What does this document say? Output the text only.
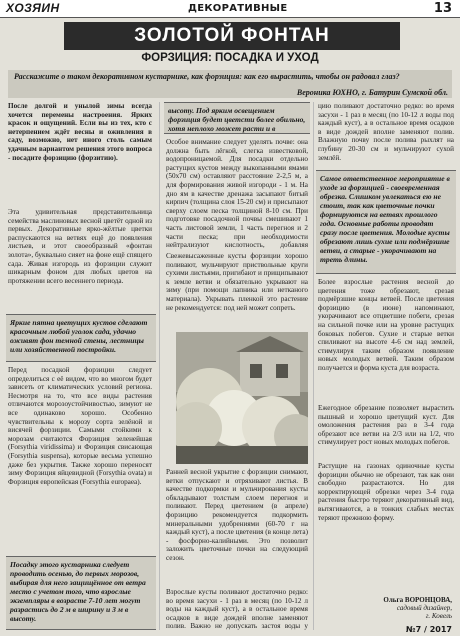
ХОЗЯИН	ДЕКОРАТИВНЫЕ	13
ЗОЛОТОЙ ФОНТАН
ФОРЗИЦИЯ: ПОСАДКА И УХОД
Расскажите о таком декоративном кустарнике, как форзиция: как его вырастить, чтобы он радовал глаз?
Вероника ЮХНО, г. Батурин Сумской обл.
После долгой и унылой зимы всегда хочется перемены настроения. Ярких красок и ощущений. Если вы из тех, кто с нетерпением ждёт весны и оживления в саду, возможно, нет иного столь самым удачным вариантом решения этого вопроса - посадите форзицию (форзитию).
Эта удивительная представительница семейства маслиновых весной цветёт одной из первых. Декоративные ярко-жёлтые цветки распускаются на ветвях ещё до появления листьев, и этот своеобразный «фонтан золота», буквально сияет на фоне ещё спящего сада. Живая изгородь из форзиции служит шикарным фоном для любых цветов на протяжении всего весеннего периода.
Яркие пятна цветущих кустов сделают красочным любой уголок сада, удачно оживят фон темной стены, лестницы или хозяйственной постройки.
Перед посадкой форзиции следует определиться с её видом, что во многом будет зависеть от климатических условий региона. Несмотря на то, что все виды растения отличаются морозоустойчивостью, зимуют не все одинаково хорошо. Особенно чувствительны к морозу сорта зелёной и висячей форзиции. Самыми стойкими к морозам считаются Форзиция зеленейшая (Forsythia viridissima) и Форзиция свисающая (Forsythia suspensa), которые весьма успешно даже без укрытия. Также хорошо переносят зиму Форзиция яйцевидной (Forsythia ovata) и Форзиция европейская (Forsythia europaea).
Посадку этого кустарника следует проводить осенью, до первых морозов, выбирая для него защищённое от ветра место с учетом того, что взрослые экземпляры в возрасте 7-10 лет могут разрастись до 2 м в ширину и 3 м в высоту.
высоту. Под ярким освещением форзиция будет цветсти более обильно, хотя неплохо может расти и в
Особое внимание следует уделять почве: она должна быть лёгкой, слегка известковой, водопроницаемой. Для посадки отдельно растущих кустов между выкопанными ямами (50х70 см) оставляют расстояние 2-2,5 м, а для формирования живой изгороди - 1 м. На дно ям в качестве дренажа засыпают битый кирпич (толщина слоя 15-20 см) и присыпают сверху слоем песка толщиной 8-10 см. При подготовке посадочной почвы смешивают 1 часть листовой земли, 1 часть перегноя и 2 части песка; при необходимости нейтрализуют кислотность, добавляя
Свежевысаженные кусты форзиции хорошо поливают, мульчируют приствольные круги сухими листьями, пригибают и прищипывают к земле ветви и обязательно укрывают на зиму (при помощи лапника или нетканого материала). Укрывать пленкой это растение не рекомендуется: под ней может сопреть.
Ранней весной укрытие с форзиции снимают, ветки отпускают и отряхивают листья. В качестве подкормки и мульчирования кусты обкладывают толстым слоем перегноя и поливают. Перед цветением (в апреле) форзицию рекомендуется подкормить минеральными удобрениями (60-70 г на каждый куст), а после цветения (в конце лета) - фосфорно-калийными. Это позволит заложить цветочные почки на следующий сезон.
Взрослые кусты поливают достаточно редко: во время засухи - 1 раз в месяц (по 10-12 л воды на каждый куст), а в остальное время осадков в виде дождей вполне заменяют полив. Важно не допускать застоя воды у
цию поливают достаточно редко: во время засухи - 1 раз в месяц (по 10-12 л воды под каждый куст), а в остальное время осадков в виде дождей вполне заменяют полив. Влажную почву после полива рыхлят на глубину 20-30 см и мульчируют сухой землёй.
Самое ответственное мероприятие в уходе за форзицией - своевременная обрезка. Слишком увлекаться ею не стоит, так как цветочные почки формируются на ветвях прошлого года. Основные работы проводят сразу после цветения. Молодые кусты обрезают лишь сухие или подмёрзшие ветви, а старые - укорачивают на треть длины.
Более взрослые растения весной до цветения тоже обрезают, срезая подмёрзшие концы ветвей. После цветения форзицию (в июне) напоминают, укорачивают все отцветшие побеги, срезая на сильной почке или на уровне растущих боковых побегов. Сухие и старые ветки спиливают на высоте 4-6 см над землей, стимулируя таким образом появление новых молодых ветвей. Таким образом получается и форма куста для возраста.
Ежегодное обрезание позволяет вырастить пышный и хорошо цветущий куст. Для омоложения растения раз в 3-4 года обрезают все ветви на 2/3 или на 1/2, что стимулирует рост новых молодых побегов.
Растущие на газонах одиночные кусты форзиции обычно не обрезают, так как они свободно разрастаются. Но для корректирующей обрезки через 3-4 года растения быстро теряют декоративный вид, вытягиваются, а в тонких слабых местах теряют прежнюю форму.
Ольга ВОРОНЦОВА,
садовый дизайнер,
г. Ковель
№7 / 2017
